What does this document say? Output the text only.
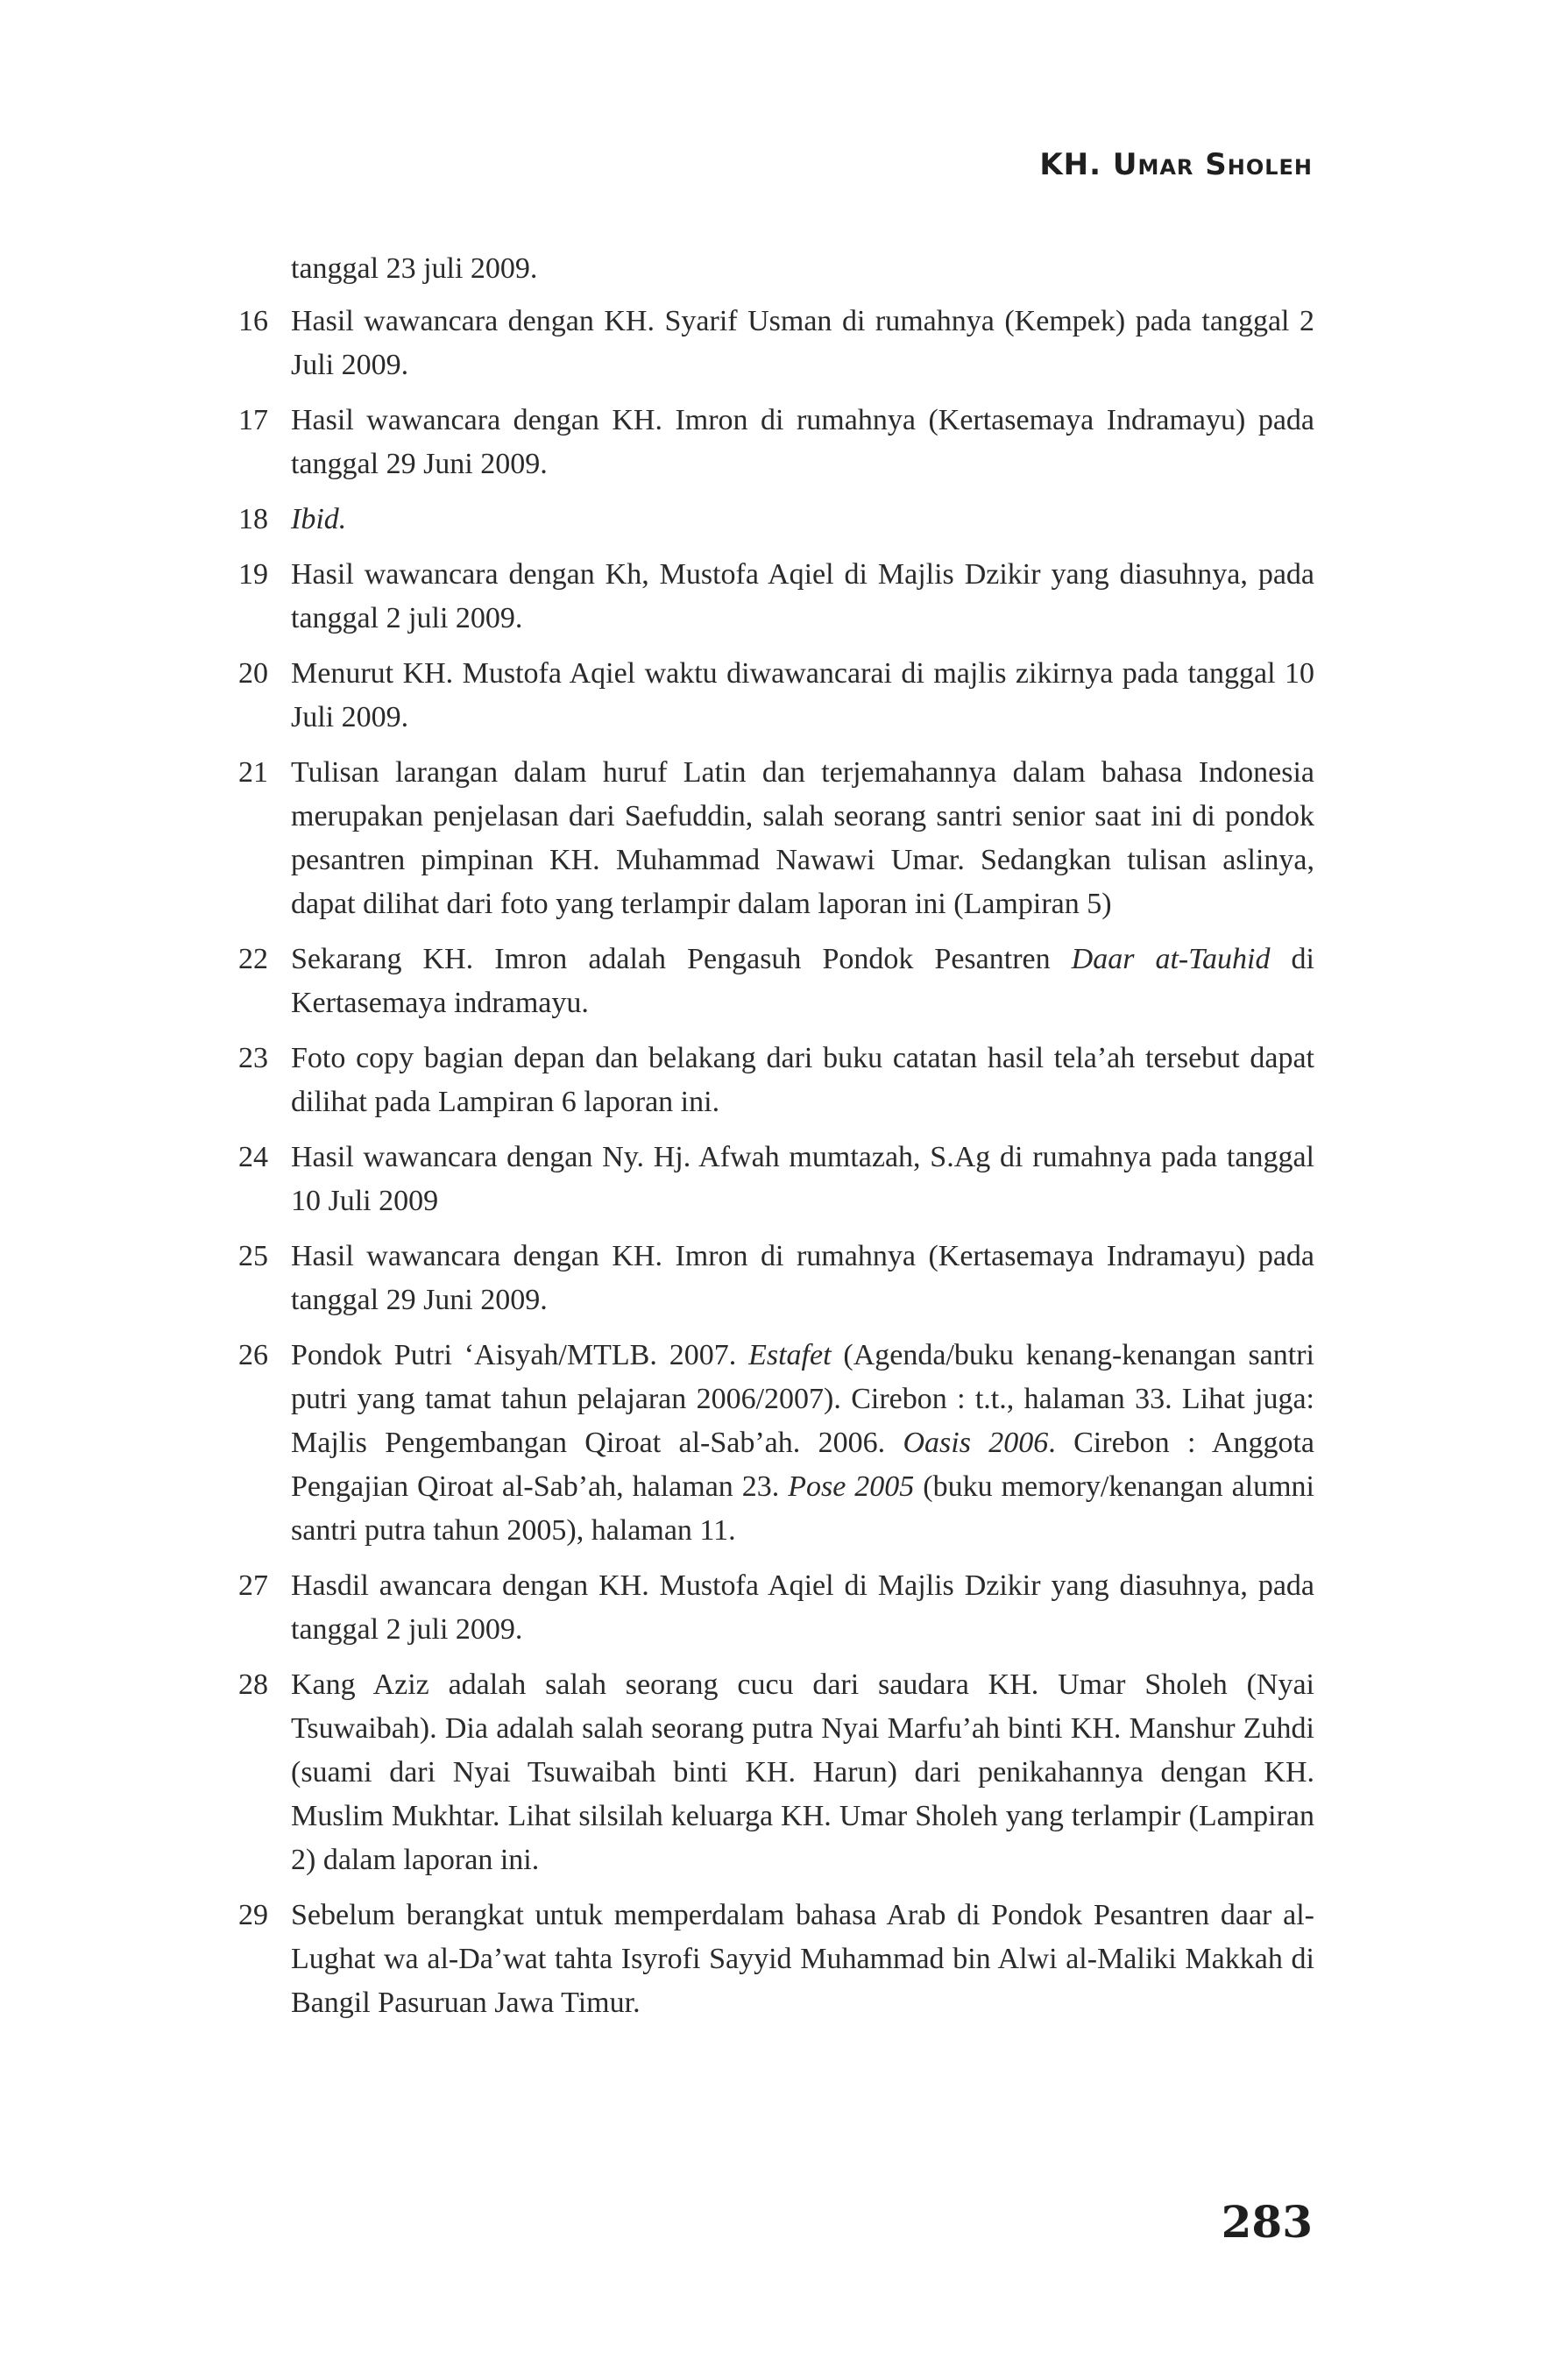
KH. Umar Sholeh
tanggal 23 juli 2009.
16 Hasil wawancara dengan KH. Syarif Usman di rumahnya (Kempek) pada tanggal 2 Juli 2009.
17 Hasil wawancara dengan KH. Imron di rumahnya (Kertasemaya Indramayu) pada tanggal 29 Juni 2009.
18 Ibid.
19 Hasil wawancara dengan Kh, Mustofa Aqiel di Majlis Dzikir yang diasuhnya, pada tanggal 2 juli 2009.
20 Menurut KH. Mustofa Aqiel waktu diwawancarai di majlis zikirnya pada tanggal 10 Juli 2009.
21 Tulisan larangan dalam huruf Latin dan terjemahannya dalam bahasa Indonesia merupakan penjelasan dari Saefuddin, salah seorang santri senior saat ini di pondok pesantren pimpinan KH. Muhammad Nawawi Umar. Sedangkan tulisan aslinya, dapat dilihat dari foto yang terlampir dalam laporan ini (Lampiran 5)
22 Sekarang KH. Imron adalah Pengasuh Pondok Pesantren Daar at-Tauhid di Kertasemaya indramayu.
23 Foto copy bagian depan dan belakang dari buku catatan hasil tela’ah tersebut dapat dilihat pada Lampiran 6 laporan ini.
24 Hasil wawancara dengan Ny. Hj. Afwah mumtazah, S.Ag di rumahnya pada tanggal 10 Juli 2009
25 Hasil wawancara dengan KH. Imron di rumahnya (Kertasemaya Indramayu) pada tanggal 29 Juni 2009.
26 Pondok Putri ‘Aisyah/MTLB. 2007. Estafet (Agenda/buku kenang-kenangan santri putri yang tamat tahun pelajaran 2006/2007). Cirebon : t.t., halaman 33. Lihat juga: Majlis Pengembangan Qiroat al-Sab’ah. 2006. Oasis 2006. Cirebon : Anggota Pengajian Qiroat al-Sab’ah, halaman 23. Pose 2005 (buku memory/kenangan alumni santri putra tahun 2005), halaman 11.
27 Hasdil awancara dengan KH. Mustofa Aqiel di Majlis Dzikir yang diasuhnya, pada tanggal 2 juli 2009.
28 Kang Aziz adalah salah seorang cucu dari saudara KH. Umar Sholeh (Nyai Tsuwaibah). Dia adalah salah seorang putra Nyai Marfu’ah binti KH. Manshur Zuhdi (suami dari Nyai Tsuwaibah binti KH. Harun) dari penikahannya dengan KH. Muslim Mukhtar. Lihat silsilah keluarga KH. Umar Sholeh yang terlampir (Lampiran 2) dalam laporan ini.
29 Sebelum berangkat untuk memperdalam bahasa Arab di Pondok Pesantren daar al-Lughat wa al-Da’wat tahta Isyrofi Sayyid Muhammad bin Alwi al-Maliki Makkah di Bangil Pasuruan Jawa Timur.
283
